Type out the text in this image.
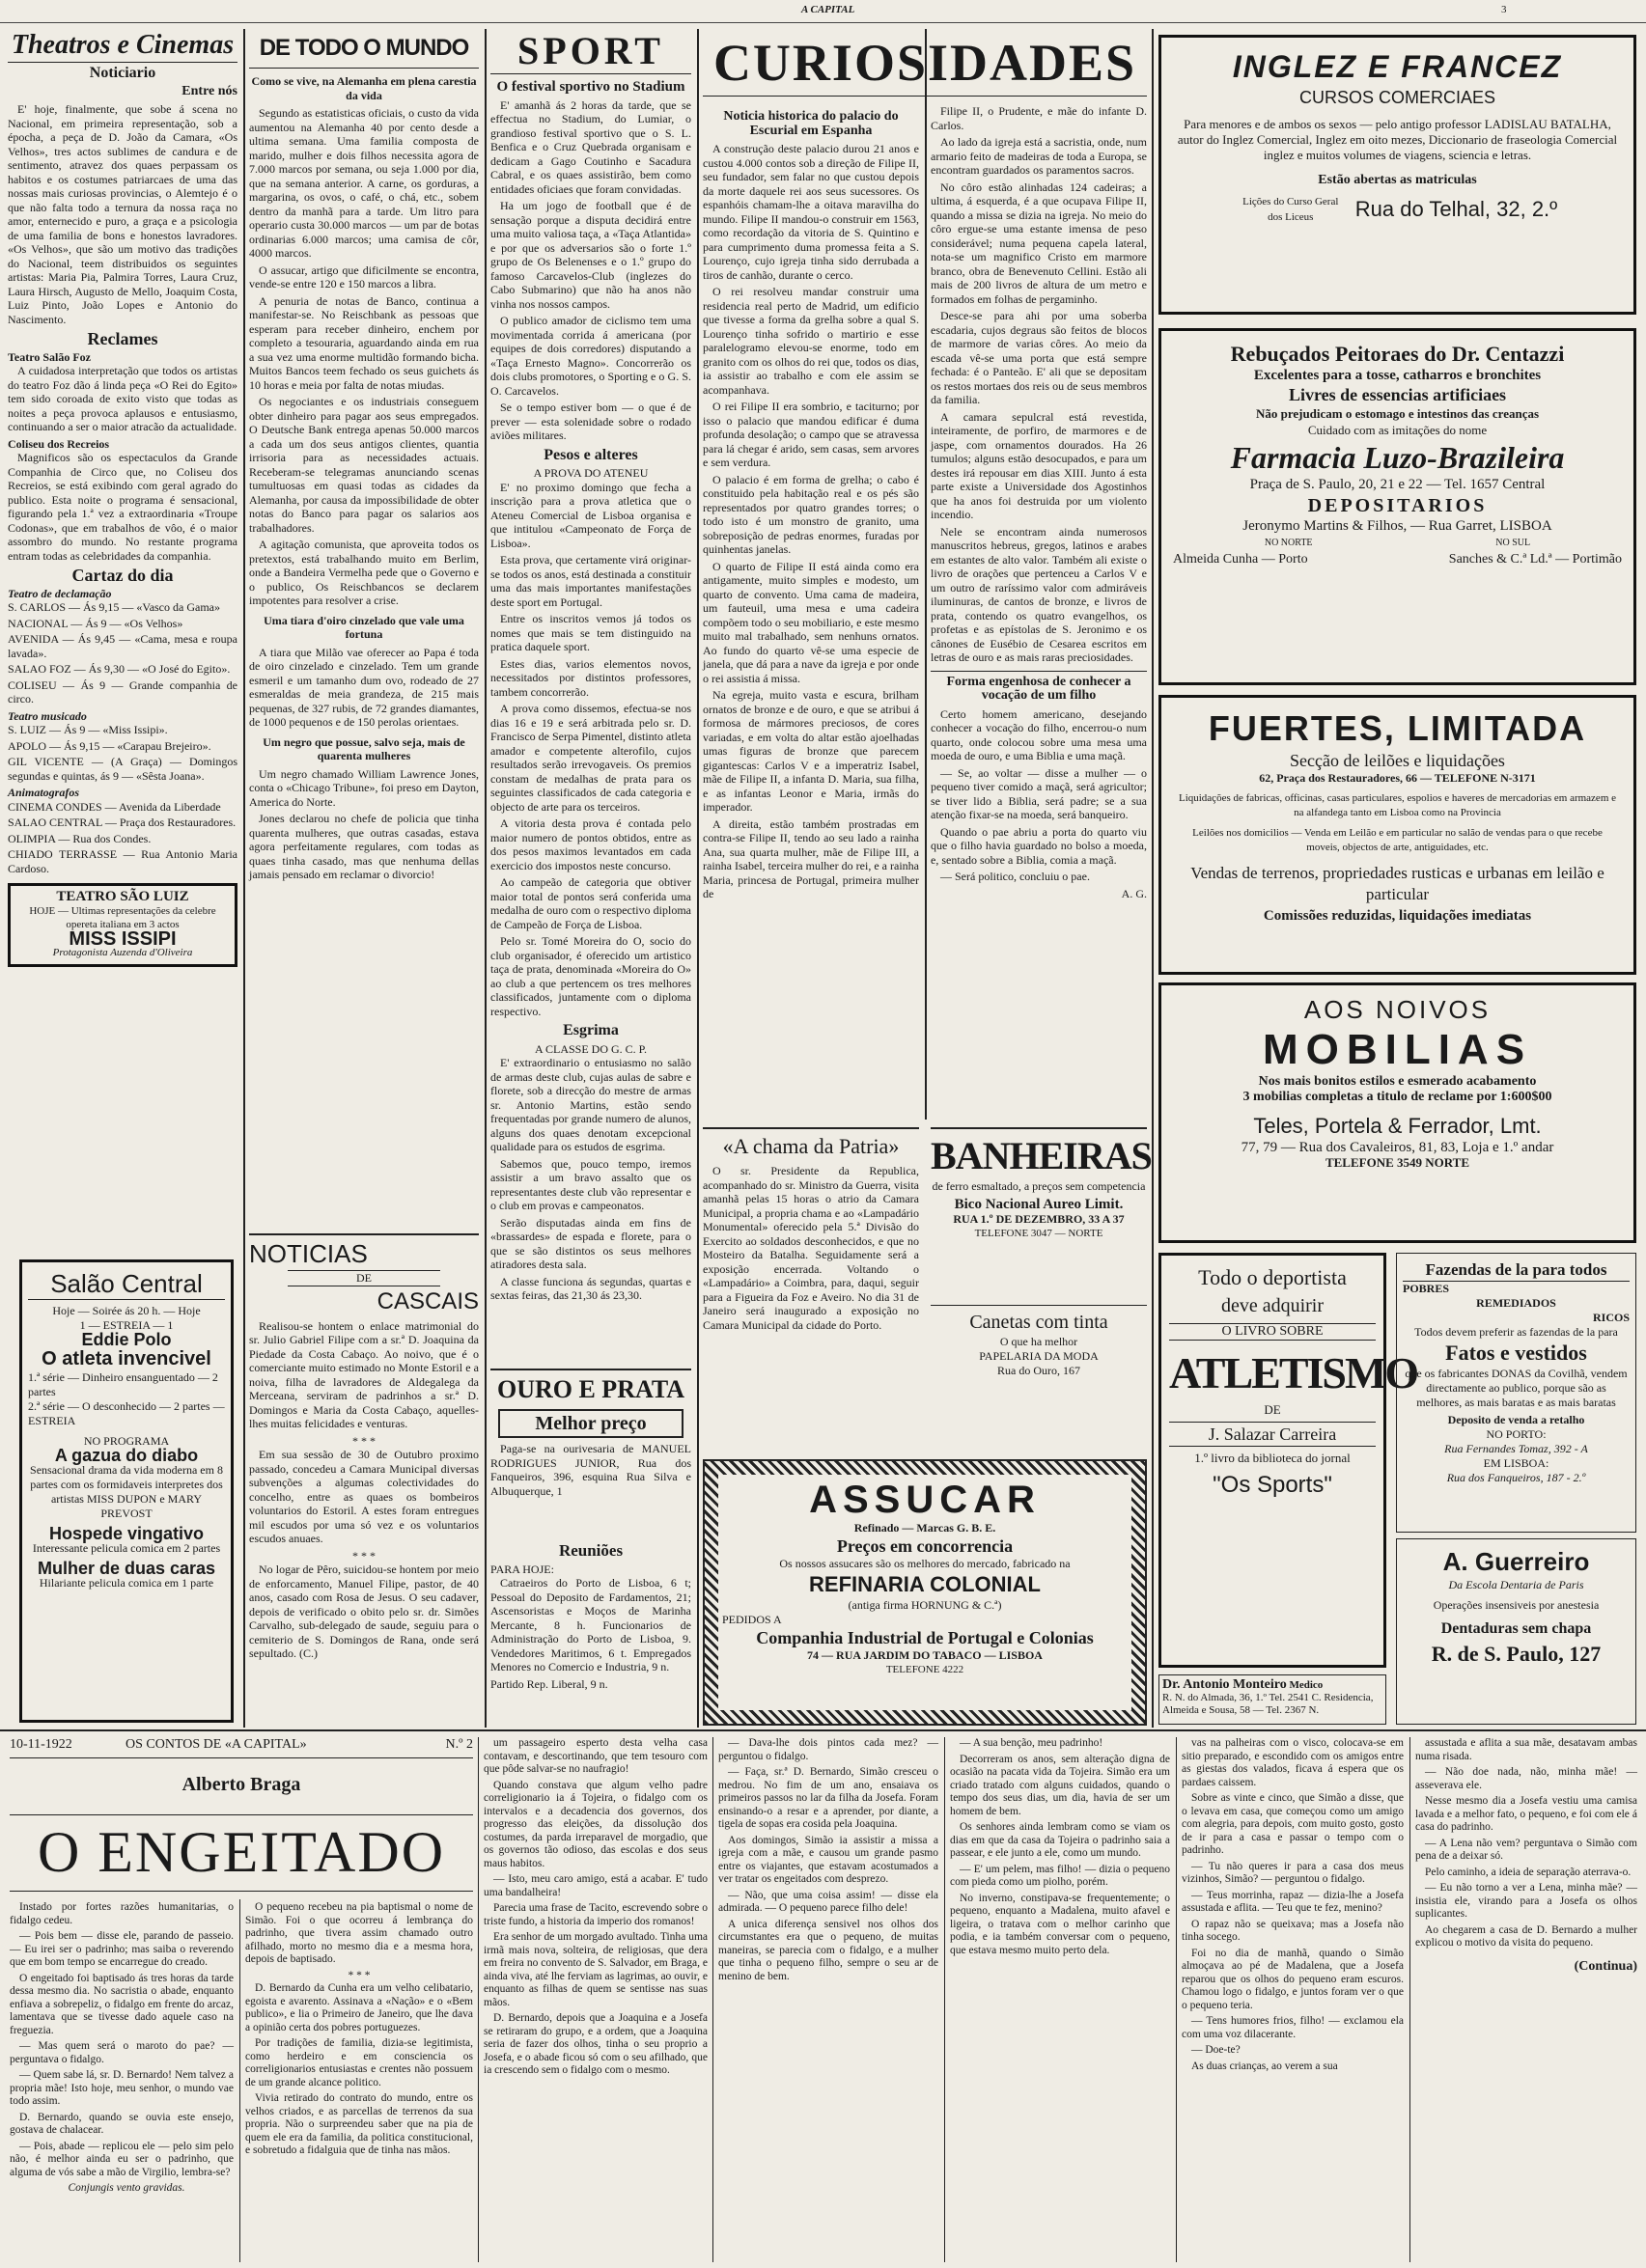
A CAPITAL	3
Theatros e Cinemas
Noticiario
Entre nós

E' hoje, finalmente, que sobe á scena no Nacional, em primeira representação, sob a épocha, a peça de D. João da Camara, «Os Velhos», tres actos sublimes de candura e de sentimento, atravez dos quaes perpassam os habitos e os costumes patriarcaes de uma das nossas mais curiosas provincias, o Alemtejo é o que não falta todo a ternura da nossa raça no amor, enternecido e puro, a graça e a psicologia de uma familia de bons e honestos lavradores. «Os Velhos», que são um motivo das tradições do Nacional, teem distribuidos os seguintes artistas: Maria Pia, Palmira Torres, Laura Cruz, Laura Hirsch, Augusto de Mello, Joaquim Costa, Luiz Pinto, João Lopes e Antonio do Nascimento.

Reclames
Teatro Salão Foz

A cuidadosa interpretação que todos os artistas do teatro Foz dão á linda peça «O Rei do Egito» tem sido coroada de exito visto que todas as noites a peça provoca aplausos e entusiasmo, continuando a ser o maior atracão da actualidade.

Coliseu dos Recreios

Magnificos são os espectaculos da Grande Companhia de Circo que, no Coliseu dos Recreios, se está exibindo com geral agrado do publico. Esta noite o programa é sensacional, figurando pela 1.ª vez a extraordinaria «Troupe Codonas», que em trabalhos de vôo, é o maior assombro do mundo. No restante programa entram todas as celebridades da companhia.

Cartaz do dia
Teatro de declamação
S. CARLOS — Ás 9,15 — «Vasco da Gama»
NACIONAL — Ás 9 — «Os Velhos»
AVENIDA — Ás 9,45 — «Cama, mesa e roupa lavada».
SALAO FOZ — Ás 9,30 — «O José do Egito».
COLISEU — Ás 9 — Grande companhia de circo.
Teatro musicado
S. LUIZ — Ás 9 — «Miss Issipi».
APOLO — Ás 9,15 — «Carapau Brejeiro».
GIL VICENTE — (A Graça) — Domingos segundas e quintas, ás 9 — «Sêsta Joana».
Animatografos
CINEMA CONDES — Avenida da Liberdade
SALAO CENTRAL — Praça dos Restauradores.
OLIMPIA — Rua dos Condes.
CHIADO TERRASSE — Rua Antonio Maria Cardoso.
TEATRO SÃO LUIZ
HOJE — Ultimas representações da celebre opereta italiana em 3 actos
MISS ISSIPI
Protagonista Auzenda d'Oliveira
Salão Central
Hoje — Soirée ás 20 h. — Hoje
1 — ESTREIA — 1
Eddie Polo
O atleta invencivel
1.ª série — Dinheiro ensanguentado — 2 partes
2.ª série — O desconhecido — 2 partes — ESTREIA
NO PROGRAMA
A gazua do diabo
Sensacional drama da vida moderna em 8 partes com os formidaveis interpretes dos artistas MISS DUPON e MARY PREVOST
Hospede vingativo
Interessante pelicula comica em 2 partes
Mulher de duas caras
Hilariante pelicula comica em 1 parte
DE TODO O MUNDO
Como se vive, na Alemanha em plena carestia da vida

Segundo as estatisticas oficiais, o custo da vida aumentou na Alemanha 40 por cento desde a ultima semana. Uma familia composta de marido, mulher e dois filhos necessita agora de 7.000 marcos por semana, ou seja 1.000 por dia, que na semana anterior. A carne, os gorduras, a margarina, os ovos, o café, o chá, etc., sobem dentro da manhã para a tarde. Um litro para operario custa 30.000 marcos — um par de botas ordinarias 6.000 marcos; uma camisa de côr, 4000 marcos.

O assucar, artigo que dificilmente se encontra, vende-se entre 120 e 150 marcos a libra.

A penuria de notas de Banco, continua a manifestar-se. No Reischbank as pessoas que esperam para receber dinheiro, enchem por completo a tesouraria, aguardando ainda em rua a sua vez uma enorme multidão formando bicha. Muitos Bancos teem fechado os seus guichets ás 10 horas e meia por falta de notas miudas.

Os negociantes e os industriais conseguem obter dinheiro para pagar aos seus empregados. O Deutsche Bank entrega apenas 50.000 marcos a cada um dos seus antigos clientes, quantia irrisoria para as necessidades actuais. Receberam-se telegramas anunciando scenas tumultuosas em quasi todas as cidades da Alemanha, por causa da impossibilidade de obter notas do Banco para pagar os salarios aos trabalhadores.

A agitação comunista, que aproveita todos os pretextos, está trabalhando muito em Berlim, onde a Bandeira Vermelha pede que o Governo e o publico, Os Reischbancos se declarem impotentes para resolver a crise.

Uma tiara d'oiro cinzelado que vale uma fortuna

A tiara que Milão vae oferecer ao Papa é toda de oiro cinzelado e cinzelado. Tem um grande esmeril e um tamanho dum ovo, rodeado de 27 esmeraldas de meia grandeza, de 215 mais pequenas, de 327 rubis, de 72 grandes diamantes, de 1000 pequenos e de 150 perolas orientaes.

Um negro que possue, salvo seja, mais de quarenta mulheres

Um negro chamado William Lawrence Jones, conta o «Chicago Tribune», foi preso em Dayton, America do Norte.

Jones declarou no chefe de policia que tinha quarenta mulheres, que outras casadas, estava agora perfeitamente regulares, com todas as quaes tinha casado, mas que nenhuma dellas jamais pensado em reclamar o divorcio!

NOTICIAS
DE
CASCAIS

Realisou-se hontem o enlace matrimonial do sr. Julio Gabriel Filipe com a sr.ª D. Joaquina da Piedade da Costa Cabaço. Ao noivo, que é o comerciante muito estimado no Monte Estoril e a noiva, filha de lavradores de Aldegalega da Merceana, serviram de padrinhos a sr.ª D. Domingos e Maria da Costa Cabaço, aquelles-lhes muitas felicidades e venturas.

* * *

Em sua sessão de 30 de Outubro proximo passado, concedeu a Camara Municipal diversas subvenções a algumas colectividades do concelho, entre as quaes os bombeiros voluntarios do Estoril. A estes foram entregues mil escudos por uma só vez e os voluntarios escudos anuaes.

* * *

No logar de Pêro, suicidou-se hontem por meio de enforcamento, Manuel Filipe, pastor, de 40 anos, casado com Rosa de Jesus. O seu cadaver, depois de verificado o obito pelo sr. dr. Simões Carvalho, sub-delegado de saude, seguiu para o cemiterio de S. Domingos de Rana, onde será sepultado. (C.)

SPORT
O festival sportivo no Stadium

E' amanhã ás 2 horas da tarde, que se effectua no Stadium, do Lumiar, o grandioso festival sportivo que o S. L. Benfica e o Cruz Quebrada organisam e dedicam a Gago Coutinho e Sacadura Cabral, e os quaes assistirão, bem como entidades oficiaes que foram convidadas.

Ha um jogo de football que é de sensação porque a disputa decidirá entre uma muito valiosa taça, a «Taça Atlantida» e por que os adversarios são o forte 1.º grupo de Os Belenenses e o 1.º grupo do famoso Carcavelos-Club (inglezes do Cabo Submarino) que não ha anos não vinha nos nossos campos.

O publico amador de ciclismo tem uma movimentada corrida á americana (por equipes de dois corredores) disputando a «Taça Ernesto Magno». Concorrerão os dois clubs promotores, o Sporting e o G. S. O. Carcavelos.

Se o tempo estiver bom — o que é de prever — esta solenidade sobre o rodado aviões militares.

Pesos e alteres
A PROVA DO ATENEU

E' no proximo domingo que fecha a inscrição para a prova atletica que o Ateneu Comercial de Lisboa organisa e que intitulou «Campeonato de Força de Lisboa».

Esta prova, que certamente virá originar-se todos os anos, está destinada a constituir uma das mais importantes manifestações deste sport em Portugal.

Entre os inscritos vemos já todos os nomes que mais se tem distinguido na pratica daquele sport.

Estes dias, varios elementos novos, necessitados por distintos professores, tambem concorrerão.

A prova como dissemos, efectua-se nos dias 16 e 19 e será arbitrada pelo sr. D. Francisco de Serpa Pimentel, distinto atleta amador e competente alterofilo, cujos resultados serão irrevogaveis. Os premios constam de medalhas de prata para os seguintes classificados de cada categoria e objecto de arte para os terceiros.

A vitoria desta prova é contada pelo maior numero de pontos obtidos, entre as dos pesos maximos levantados em cada exercicio dos impostos neste concurso.

Ao campeão de categoria que obtiver maior total de pontos será conferida uma medalha de ouro com o respectivo diploma de Campeão de Força de Lisboa.

Pelo sr. Tomé Moreira do O, socio do club organisador, é oferecido um artistico taça de prata, denominada «Moreira do O» ao club a que pertencem os tres melhores classificados, juntamente com o diploma respectivo.

Esgrima
A CLASSE DO G. C. P.

E' extraordinario o entusiasmo no salão de armas deste club, cujas aulas de sabre e florete, sob a direcção do mestre de armas sr. Antonio Martins, estão sendo frequentadas por grande numero de alunos, alguns dos quaes denotam excepcional qualidade para os estudos de esgrima.

Sabemos que, pouco tempo, iremos assistir a um bravo assalto que os representantes deste club vão representar e o club em provas e campeonatos.

Serão disputadas ainda em fins de «brassardes» de espada e florete, para o que se são distintos os seus melhores atiradores desta sala.

A classe funciona ás segundas, quartas e sextas feiras, das 21,30 ás 23,30.

OURO E PRATA
Melhor preço

Paga-se na ourivesaria de MANUEL RODRIGUES JUNIOR, Rua dos Fanqueiros, 396, esquina Rua Silva e Albuquerque, 1

Reuniões
PARA HOJE:

Catraeiros do Porto de Lisboa, 6 t; Pessoal do Deposito de Fardamentos, 21; Ascensoristas e Moços de Marinha Mercante, 8 h. Funcionarios de Administração do Porto de Lisboa, 9. Vendedores Maritimos, 6 t. Empregados Menores no Comercio e Industria, 9 n.

Partido Rep. Liberal, 9 n.
CURIOSIDADES
Noticia historica do palacio do Escurial em Espanha

A construção deste palacio durou 21 anos e custou 4.000 contos sob a direção de Filipe II, seu fundador, sem falar no que custou depois da morte daquele rei aos seus sucessores. Os espanhóis chamam-lhe a oitava maravilha do mundo. Filipe II mandou-o construir em 1563, como recordação da vitoria de S. Quintino e para cumprimento duma promessa feita a S. Lourenço, cujo igreja tinha sido derrubada a tiros de canhão, durante o cerco.

O rei resolveu mandar construir uma residencia real perto de Madrid, um edificio que tivesse a forma da grelha sobre a qual S. Lourenço tinha sofrido o martirio e esse paralelogramo elevou-se enorme, todo em granito com os olhos do rei que, todos os dias, ia assistir ao trabalho e com ele assim se acompanhava.

O rei Filipe II era sombrio, e taciturno; por isso o palacio que mandou edificar é duma profunda desolação; o campo que se atravessa para lá chegar é arido, sem casas, sem arvores e sem verdura.

O palacio é em forma de grelha; o cabo é constituido pela habitação real e os pés são representados por quatro grandes torres; o todo isto é um monstro de granito, uma sobreposição de pedras enormes, furadas por quinhentas janelas.

O quarto de Filipe II está ainda como era antigamente, muito simples e modesto, um quarto de convento. Uma cama de madeira, um fauteuil, uma mesa e uma cadeira compõem todo o seu mobiliario, e este mesmo muito mal trabalhado, sem nenhuns ornatos. Ao fundo do quarto vê-se uma especie de janela, que dá para a nave da igreja e por onde o rei assistia á missa.

Na egreja, muito vasta e escura, brilham ornatos de bronze e de ouro, e que se atribui á formosa de mármores preciosos, de cores variadas, e em volta do altar estão ajoelhadas umas figuras de bronze que parecem gigantescas: Carlos V e a imperatriz Isabel, mãe de Filipe II, a infanta D. Maria, sua filha, e as infantas Leonor e Maria, irmãs do imperador.

A direita, estão também prostradas em contra-se Filipe II, tendo ao seu lado a rainha Ana, sua quarta mulher, mãe de Filipe III, a rainha Isabel, terceira mulher do rei, e a rainha Maria, princesa de Portugal, primeira mulher de

Filipe II, o Prudente, e mãe do infante D. Carlos.

Ao lado da igreja está a sacristia, onde, num armario feito de madeiras de toda a Europa, se encontram guardados os paramentos sacros.

No côro estão alinhadas 124 cadeiras; a ultima, á esquerda, é a que ocupava Filipe II, quando a missa se dizia na igreja. No meio do côro ergue-se uma estante imensa de peso considerável; numa pequena capela lateral, nota-se um magnifico Cristo em marmore branco, obra de Benevenuto Cellini. Estão ali mais de 200 livros de altura de um metro e formados em folhas de pergaminho.

Desce-se para ahi por uma soberba escadaria, cujos degraus são feitos de blocos de marmore de varias côres. Ao meio da escada vê-se uma porta que está sempre fechada: é o Panteão. E' ali que se depositam os restos mortaes dos reis ou de seus membros da familia.

A camara sepulcral está revestida, inteiramente, de porfiro, de marmores e de jaspe, com ornamentos dourados. Ha 26 tumulos; alguns estão desocupados, e para um destes irá repousar em dias XIII. Junto á esta parte existe a Universidade dos Agostinhos que ha anos foi destruida por um violento incendio.

Nele se encontram ainda numerosos manuscritos hebreus, gregos, latinos e arabes em estantes de alto valor. Também ali existe o livro de orações que pertenceu a Carlos V e um outro de raríssimo valor com admiráveis iluminuras, de cantos de bronze, e livros de prata, contendo os quatro evangelhos, os profetas e as epístolas de S. Jeronimo e os cânones de Eusébio de Cesarea escritos em letras de ouro e as mais raras preciosidades.

Forma engenhosa de conhecer a vocação de um filho

Certo homem americano, desejando conhecer a vocação do filho, encerrou-o num quarto, onde colocou sobre uma mesa uma moeda de ouro, e uma Biblia e uma maçã.

— Se, ao voltar — disse a mulher — o pequeno tiver comido a maçã, será agricultor; se tiver lido a Biblia, será padre; se a sua atenção fixar-se na moeda, será banqueiro.

Quando o pae abriu a porta do quarto viu que o filho havia guardado no bolso a moeda, e, sentado sobre a Biblia, comia a maçã.

— Será politico, concluiu o pae.

A. G.
«A chama da Patria»

O sr. Presidente da Republica, acompanhado do sr. Ministro da Guerra, visita amanhã pelas 15 horas o atrio da Camara Municipal, a propria chama e ao «Lampadário Monumental» oferecido pela 5.ª Divisão do Exercito ao soldados desconhecidos, e que no Mosteiro da Batalha. Seguidamente será a exposição encerrada. Voltando o «Lampadário» a Coimbra, para, daqui, seguir para a Figueira da Foz e Aveiro. No dia 31 de Janeiro será inaugurado a exposição no Camara Municipal da cidade do Porto.

BANHEIRAS
de ferro esmaltado, a preços sem competencia
Bico Nacional Aureo Limit.
RUA 1.º DE DEZEMBRO, 33 A 37
TELEFONE 3047 — NORTE
Canetas com tinta
O que ha melhor
PAPELARIA DA MODA
Rua do Ouro, 167
ASSUCAR
Refinado — Marcas G. B. E.
Preços em concorrencia
Os nossos assucares são os melhores do mercado, fabricado na
REFINARIA COLONIAL
(antiga firma HORNUNG & C.ª)
PEDIDOS A
Companhia Industrial de Portugal e Colonias
74 — RUA JARDIM DO TABACO — LISBOA
TELEFONE 4222
INGLEZ E FRANCEZ
CURSOS COMERCIAES
Para menores e de ambos os sexos — pelo antigo professor LADISLAU BATALHA, autor do Inglez Comercial, Inglez em oito mezes, Diccionario de fraseologia Comercial inglez e muitos volumes de viagens, sciencia e letras.
Estão abertas as matriculas
Lições do Curso Geral dos Liceus	Rua do Telhal, 32, 2.º
Rebuçados Peitoraes do Dr. Centazzi
Excelentes para a tosse, catharros e bronchites
Livres de essencias artificiaes
Não prejudicam o estomago e intestinos das creanças
Cuidado com as imitações do nome
Farmacia Luzo-Brazileira
Praça de S. Paulo, 20, 21 e 22 — Tel. 1657 Central
DEPOSITARIOS
Jeronymo Martins & Filhos, — Rua Garret, LISBOA
NO NORTE	NO SUL
Almeida Cunha — Porto	Sanches & C.ª Ld.ª — Portimão
FUERTES, LIMITADA
Secção de leilões e liquidações
62, Praça dos Restauradores, 66 — TELEFONE N-3171
Liquidações de fabricas, officinas, casas particulares, espolios e haveres de mercadorias em armazem e na alfandega tanto em Lisboa como na Provincia
Leilões nos domicilios — Venda em Leilão e em particular no salão de vendas para o que recebe moveis, objectos de arte, antiguidades, etc.
Vendas de terrenos, propriedades rusticas e urbanas em leilão e particular
Comissões reduzidas, liquidações imediatas
AOS NOIVOS
MOBILIAS
Nos mais bonitos estilos e esmerado acabamento
3 mobilias completas a titulo de reclame por 1:600$00
Teles, Portela & Ferrador, Lmt.
77, 79 — Rua dos Cavaleiros, 81, 83, Loja e 1.º andar
TELEFONE 3549 NORTE
Todo o deportista
deve adquirir
O LIVRO SOBRE
ATLETISMO
DE
J. Salazar Carreira
1.º livro da biblioteca do jornal
"Os Sports"
Dr. Antonio Monteiro Medico
R. N. do Almada, 36, 1.º Tel. 2541 C. Residencia, Almeida e Sousa, 58 — Tel. 2367 N.
Fazendas de la para todos
POBRES
REMEDIADOS
RICOS
Todos devem preferir as fazendas de la para
Fatos e vestidos
que os fabricantes DONAS da Covilhã, vendem directamente ao publico, porque são as melhores, as mais baratas e as mais baratas
Deposito de venda a retalho
NO PORTO:
Rua Fernandes Tomaz, 392 - A
EM LISBOA:
Rua dos Fanqueiros, 187 - 2.º
A. Guerreiro
Da Escola Dentaria de Paris
Operações insensiveis por anestesia
Dentaduras sem chapa
R. de S. Paulo, 127
10-11-1922	OS CONTOS DE «A CAPITAL»	N.º 2
Alberto Braga
O ENGEITADO

Instado por fortes razões humanitarias, o fidalgo cedeu.

— Pois bem — disse ele, parando de passeio. — Eu irei ser o padrinho; mas saiba o reverendo que em bom tempo se encarregue do creado.

O engeitado foi baptisado ás tres horas da tarde dessa mesmo dia. No sacristia o abade, enquanto enfiava a sobrepeliz, o fidalgo em frente do arcaz, lamentava que se tivesse dado aquele caso na freguezia.

— Mas quem será o maroto do pae? — perguntava o fidalgo.

— Quem sabe lá, sr. D. Bernardo! Nem talvez a propria mãe! Isto hoje, meu senhor, o mundo vae todo assim.

D. Bernardo, quando se ouvia este ensejo, gostava de chalacear.

— Pois, abade — replicou ele — pelo sim pelo não, é melhor ainda eu ser o padrinho, que alguma de vós sabe a mão de Virgilio, lembra-se?

Conjungis vento gravidas.

O pequeno recebeu na pia baptismal o nome de Simão. Foi o que ocorreu á lembrança do padrinho, que tivera assim chamado outro afilhado, morto no mesmo dia e a mesma hora, depois de baptisado.

* * *

D. Bernardo da Cunha era um velho celibatario, egoista e avarento. Assinava a «Nação» e o «Bem publico», e lia o Primeiro de Janeiro, que lhe dava a opinião certa dos pobres portuguezes.

Por tradições de familia, dizia-se legitimista, como herdeiro e em consciencia os correligionarios entusiastas e crentes não possuem de um grande alcance politico.

Vivia retirado do contrato do mundo, entre os velhos criados, e as parcellas de terrenos da sua propria. Não o surpreendeu saber que na pia de quem ele era da familia, da politica constitucional, e sobretudo a fidalguia que de tinha nas mãos.

um passageiro esperto desta velha casa contavam, e descortinando, que tem tesouro com que pôde salvar-se no naufragio!

Quando constava que algum velho padre correligionario ia á Tojeira, o fidalgo com os intervalos e a decadencia dos governos, dos progresso das eleições, da dissolução dos costumes, da parda irreparavel de morgadio, que os governos tão odioso, das escolas e dos seus maus habitos.

— Isto, meu caro amigo, está a acabar. E' tudo uma bandalheira!

Parecia uma frase de Tacito, escrevendo sobre o triste fundo, a historia da imperio dos romanos!

Era senhor de um morgado avultado. Tinha uma irmã mais nova, solteira, de religiosas, que dera em freira no convento de S. Salvador, em Braga, e ainda viva, até lhe ferviam as lagrimas, ao ouvir, e enquanto as filhas de quem se sentisse nas suas mãos.

D. Bernardo, depois que a Joaquina e a Josefa se retiraram do grupo, e a ordem, que a Joaquina seria de fazer dos olhos, tinha o seu proprio a Josefa, e o abade ficou só com o seu afilhado, que ia crescendo sem o fidalgo com o mesmo.

— Dava-lhe dois pintos cada mez? — perguntou o fidalgo.

— Faça, sr.ª D. Bernardo, Simão cresceu o medrou. No fim de um ano, ensaiava os primeiros passos no lar da filha da Josefa. Foram ensinando-o a resar e a aprender, por diante, a tigela de sopas era cosida pela Joaquina.

Aos domingos, Simão ia assistir a missa a igreja com a mãe, e causou um grande pasmo entre os viajantes, que estavam acostumados a ver tratar os engeitados com desprezo.

— Não, que uma coisa assim! — disse ela admirada. — O pequeno parece filho dele!

A unica diferença sensivel nos olhos dos circumstantes era que o pequeno, de muitas maneiras, se parecia com o fidalgo, e a mulher que tinha o pequeno filho, sempre o seu ar de menino de bem.

— A sua benção, meu padrinho!

Decorreram os anos, sem alteração digna de ocasião na pacata vida da Tojeira. Simão era um criado tratado com alguns cuidados, quando o tempo dos seus dias, um dia, havia de ser um homem de bem.

Os senhores ainda lembram como se viam os dias em que da casa da Tojeira o padrinho saia a passear, e ele junto a ele, como um mundo.

— E' um pelem, mas filho! — dizia o pequeno com pieda como um piolho, porém.

No inverno, constipava-se frequentemente; o pequeno, enquanto a Madalena, muito afavel e ligeira, o tratava com o melhor carinho que podia, e ia também conversar com o pequeno, que estava mesmo muito perto dela.

vas na palheiras com o visco, colocava-se em sitio preparado, e escondido com os amigos entre as giestas dos valados, ficava á espera que os pardaes caissem.

Sobre as vinte e cinco, que Simão a disse, que o levava em casa, que começou como um amigo com alegria, para depois, com muito gosto, gosto de ir para a casa e passar o tempo com o padrinho.

— Tu não queres ir para a casa dos meus vizinhos, Simão? — perguntou o fidalgo.

— Teus morrinha, rapaz — dizia-lhe a Josefa assustada e aflita. — Teu que te fez, menino?

O rapaz não se queixava; mas a Josefa não tinha socego.

Foi no dia de manhã, quando o Simão almoçava ao pé de Madalena, que a Josefa reparou que os olhos do pequeno eram escuros. Chamou logo o fidalgo, e juntos foram ver o que o pequeno teria.

— Tens humores frios, filho! — exclamou ela com uma voz dilacerante.

— Doe-te?

As duas crianças, ao verem a sua

assustada e aflita a sua mãe, desatavam ambas numa risada.

— Não doe nada, não, minha mãe! — asseverava ele.

Nesse mesmo dia a Josefa vestiu uma camisa lavada e a melhor fato, o pequeno, e foi com ele á casa do padrinho.

— A Lena não vem? perguntava o Simão com pena de a deixar só.

Pelo caminho, a ideia de separação aterrava-o.

— Eu não torno a ver a Lena, minha mãe? — insistia ele, virando para a Josefa os olhos suplicantes.

Ao chegarem a casa de D. Bernardo a mulher explicou o motivo da visita do pequeno.

(Continua)
